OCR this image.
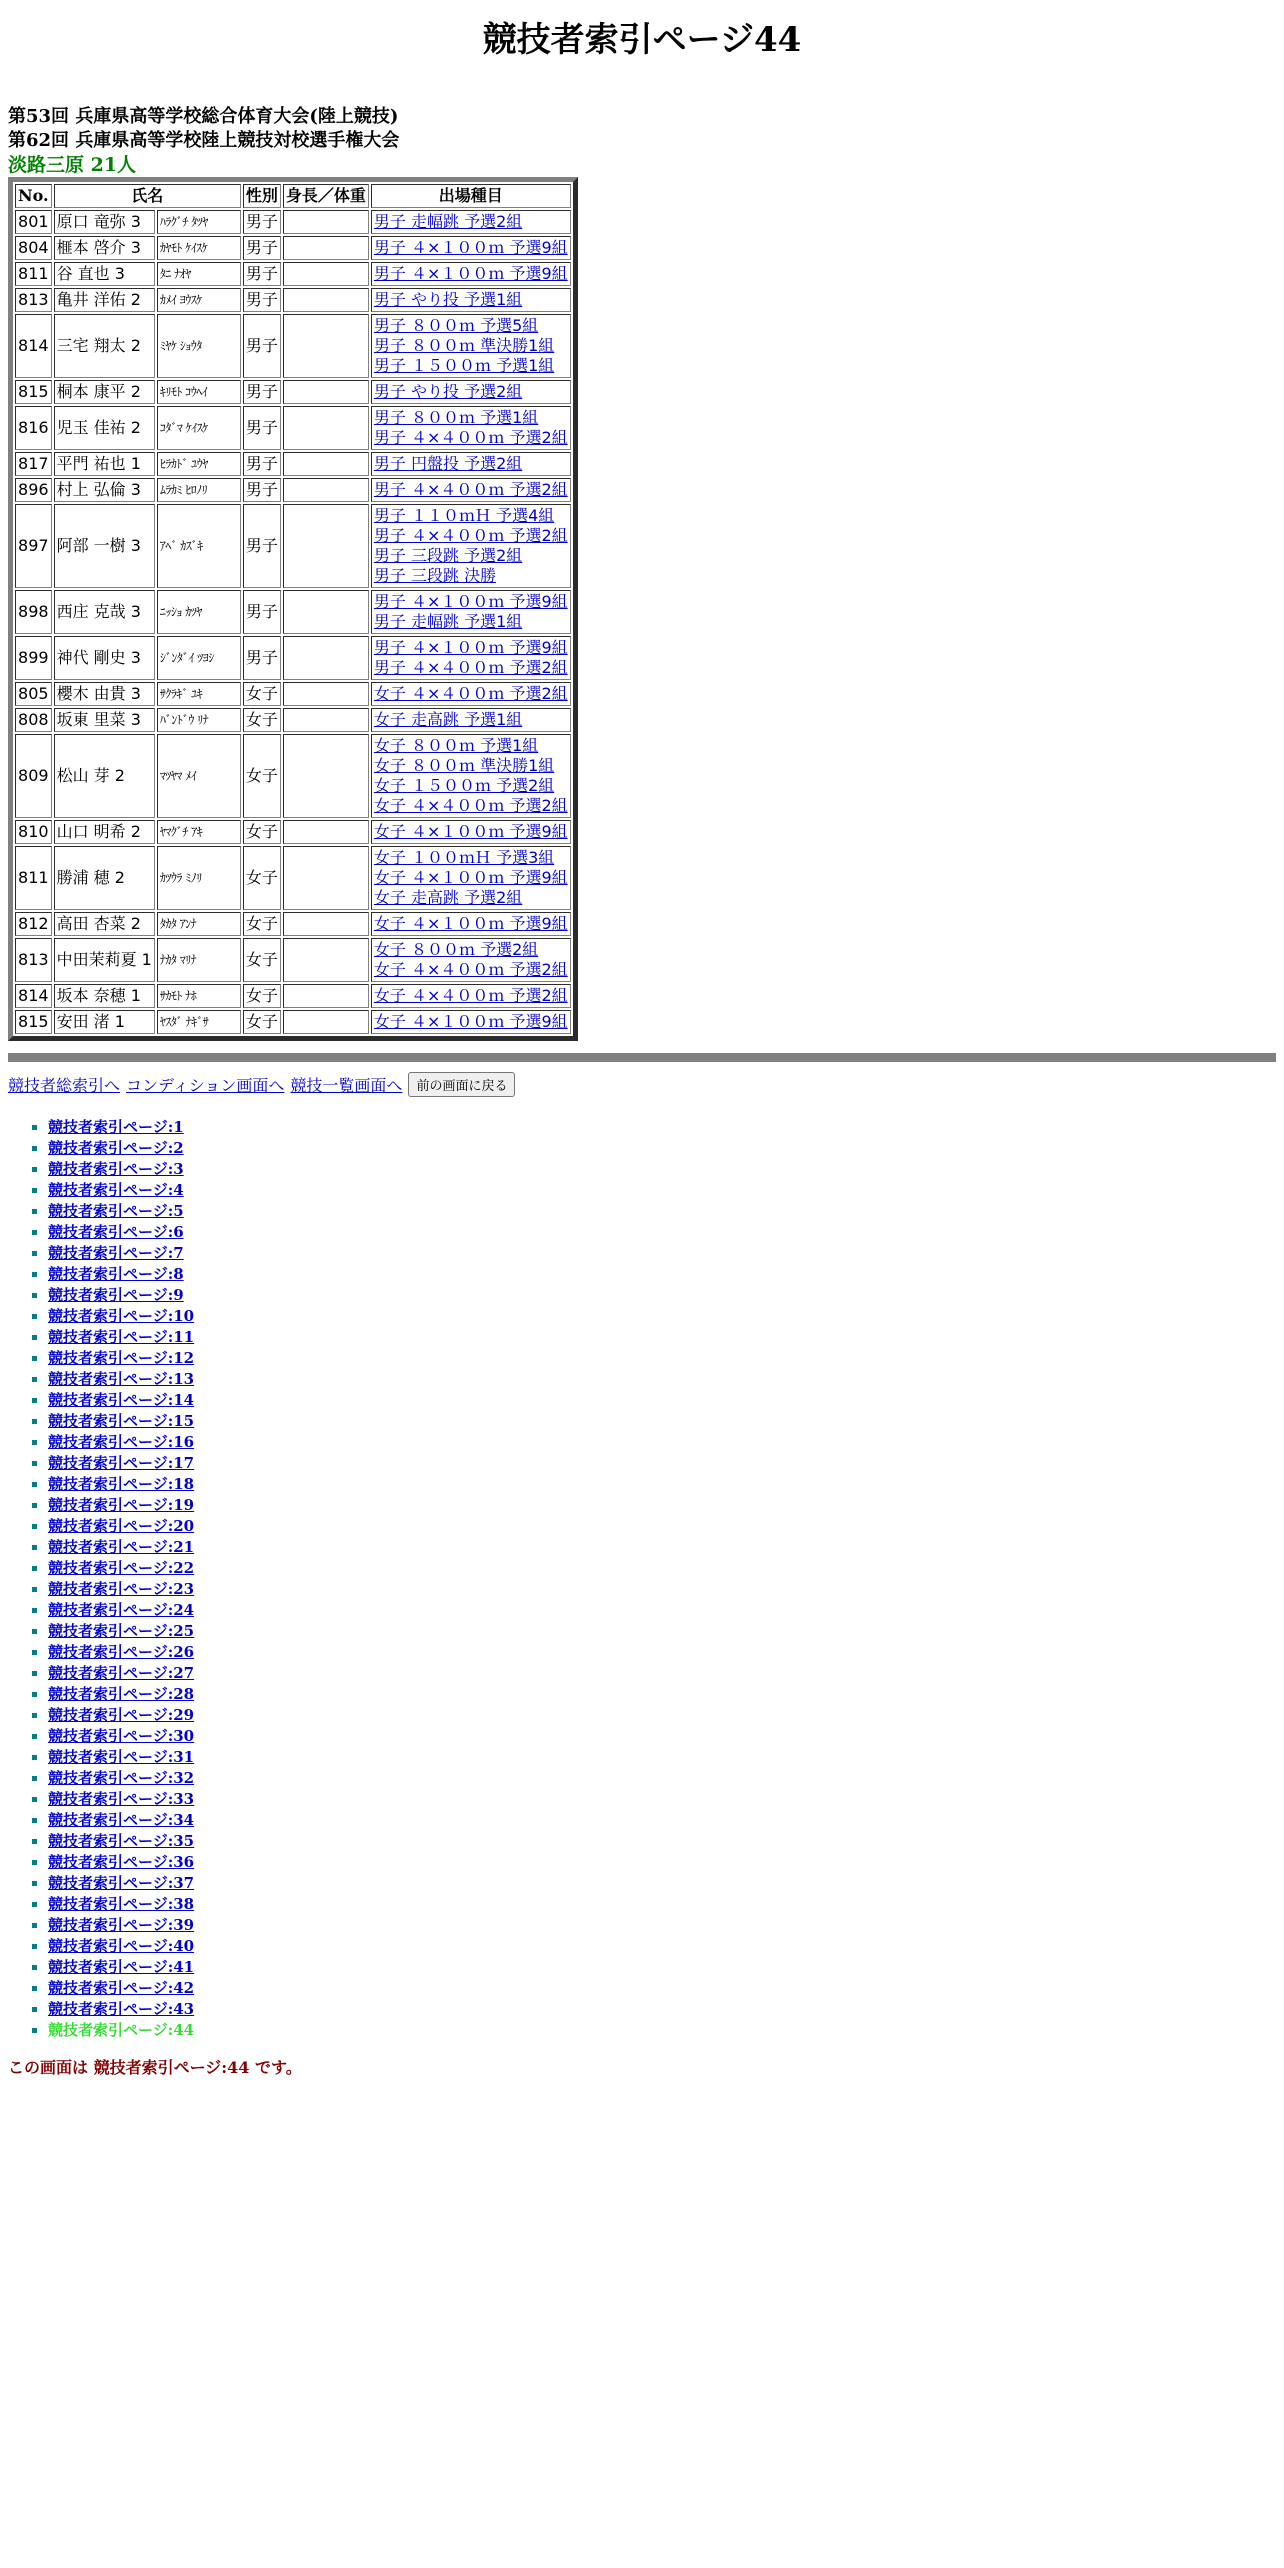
競技者索引ページ44
第53回 兵庫県高等学校総合体育大会(陸上競技)
第62回 兵庫県高等学校陸上競技対校選手権大会
淡路三原 21人
No.	氏名		性別	身長／体重	出場種目
801	原口 竜弥 3	ﾊﾗｸﾞﾁ ﾀﾂﾔ	男子		男子 走幅跳 予選2組

804	榧本 啓介 3	ｶﾔﾓﾄ ｹｲｽｹ	男子		男子 ４×１００ｍ 予選9組

811	谷 直也 3	ﾀﾆ ﾅｵﾔ	男子		男子 ４×１００ｍ 予選9組

813	亀井 洋佑 2	ｶﾒｲ ﾖｳｽｹ	男子		男子 やり投 予選1組

814	三宅 翔太 2	ﾐﾔｹ ｼｮｳﾀ	男子		男子 ８００ｍ 予選5組
男子 ８００ｍ 準決勝1組
男子 １５００ｍ 予選1組

815	桐本 康平 2	ｷﾘﾓﾄ ｺｳﾍｲ	男子		男子 やり投 予選2組

816	児玉 佳祐 2	ｺﾀﾞﾏ ｹｲｽｹ	男子		男子 ８００ｍ 予選1組
男子 ４×４００ｍ 予選2組

817	平門 祐也 1	ﾋﾗｶﾄﾞ ﾕｳﾔ	男子		男子 円盤投 予選2組

896	村上 弘倫 3	ﾑﾗｶﾐ ﾋﾛﾉﾘ	男子		男子 ４×４００ｍ 予選2組

897	阿部 一樹 3	ｱﾍﾞ ｶｽﾞｷ	男子		男子 １１０ｍＨ 予選4組
男子 ４×４００ｍ 予選2組
男子 三段跳 予選2組
男子 三段跳 決勝

898	西庄 克哉 3	ﾆｯｼｮ ｶﾂﾔ	男子		男子 ４×１００ｍ 予選9組
男子 走幅跳 予選1組

899	神代 剛史 3	ｼﾞﾝﾀﾞｲ ﾂﾖｼ	男子		男子 ４×１００ｍ 予選9組
男子 ４×４００ｍ 予選2組

805	櫻木 由貴 3	ｻｸﾗｷﾞ ﾕｷ	女子		女子 ４×４００ｍ 予選2組

808	坂東 里菜 3	ﾊﾞﾝﾄﾞｳ ﾘﾅ	女子		女子 走高跳 予選1組

809	松山 芽 2	ﾏﾂﾔﾏ ﾒｲ	女子		女子 ８００ｍ 予選1組
女子 ８００ｍ 準決勝1組
女子 １５００ｍ 予選2組
女子 ４×４００ｍ 予選2組

810	山口 明希 2	ﾔﾏｸﾞﾁ ｱｷ	女子		女子 ４×１００ｍ 予選9組

811	勝浦 穂 2	ｶﾂｳﾗ ﾐﾉﾘ	女子		女子 １００ｍＨ 予選3組
女子 ４×１００ｍ 予選9組
女子 走高跳 予選2組

812	高田 杏菜 2	ﾀｶﾀ ｱﾝﾅ	女子		女子 ４×１００ｍ 予選9組

813	中田茉莉夏 1	ﾅｶﾀ ﾏﾘﾅ	女子		女子 ８００ｍ 予選2組
女子 ４×４００ｍ 予選2組

814	坂本 奈穂 1	ｻｶﾓﾄ ﾅﾎ	女子		女子 ４×４００ｍ 予選2組

815	安田 渚 1	ﾔｽﾀﾞ ﾅｷﾞｻ	女子		女子 ４×１００ｍ 予選9組
競技者総索引へ コンディション画面へ 競技一覧画面へ	前の画面に戻る
▪ 競技者索引ページ:1
▪ 競技者索引ページ:2
▪ 競技者索引ページ:3
▪ 競技者索引ページ:4
▪ 競技者索引ページ:5
▪ 競技者索引ページ:6
▪ 競技者索引ページ:7
▪ 競技者索引ページ:8
▪ 競技者索引ページ:9
▪ 競技者索引ページ:10
▪ 競技者索引ページ:11
▪ 競技者索引ページ:12
▪ 競技者索引ページ:13
▪ 競技者索引ページ:14
▪ 競技者索引ページ:15
▪ 競技者索引ページ:16
▪ 競技者索引ページ:17
▪ 競技者索引ページ:18
▪ 競技者索引ページ:19
▪ 競技者索引ページ:20
▪ 競技者索引ページ:21
▪ 競技者索引ページ:22
▪ 競技者索引ページ:23
▪ 競技者索引ページ:24
▪ 競技者索引ページ:25
▪ 競技者索引ページ:26
▪ 競技者索引ページ:27
▪ 競技者索引ページ:28
▪ 競技者索引ページ:29
▪ 競技者索引ページ:30
▪ 競技者索引ページ:31
▪ 競技者索引ページ:32
▪ 競技者索引ページ:33
▪ 競技者索引ページ:34
▪ 競技者索引ページ:35
▪ 競技者索引ページ:36
▪ 競技者索引ページ:37
▪ 競技者索引ページ:38
▪ 競技者索引ページ:39
▪ 競技者索引ページ:40
▪ 競技者索引ページ:41
▪ 競技者索引ページ:42
▪ 競技者索引ページ:43
▪ 競技者索引ページ:44
この画面は 競技者索引ページ:44 です。
